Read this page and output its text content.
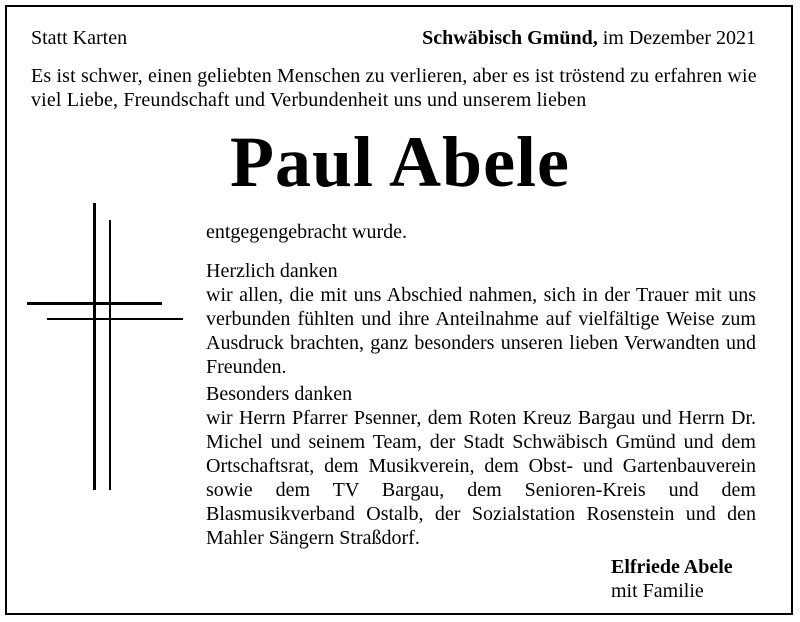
Statt Karten	Schwäbisch Gmünd, im Dezember 2021
Es ist schwer, einen geliebten Menschen zu verlieren, aber es ist tröstend zu erfahren wie viel Liebe, Freundschaft und Verbundenheit uns und unserem lieben
Paul Abele
entgegengebracht wurde.
Herzlich danken
wir allen, die mit uns Abschied nahmen, sich in der Trauer mit uns verbunden fühlten und ihre Anteilnahme auf vielfältige Weise zum Ausdruck brachten, ganz besonders unseren lieben Verwandten und Freunden.
Besonders danken
wir Herrn Pfarrer Psenner, dem Roten Kreuz Bargau und Herrn Dr. Michel und seinem Team, der Stadt Schwäbisch Gmünd und dem Ortschaftsrat, dem Musikverein, dem Obst- und Gartenbauverein sowie dem TV Bargau, dem Senioren-Kreis und dem Blasmusikverband Ostalb, der Sozialstation Rosenstein und den Mahler Sängern Straßdorf.
Elfriede Abele
mit Familie
